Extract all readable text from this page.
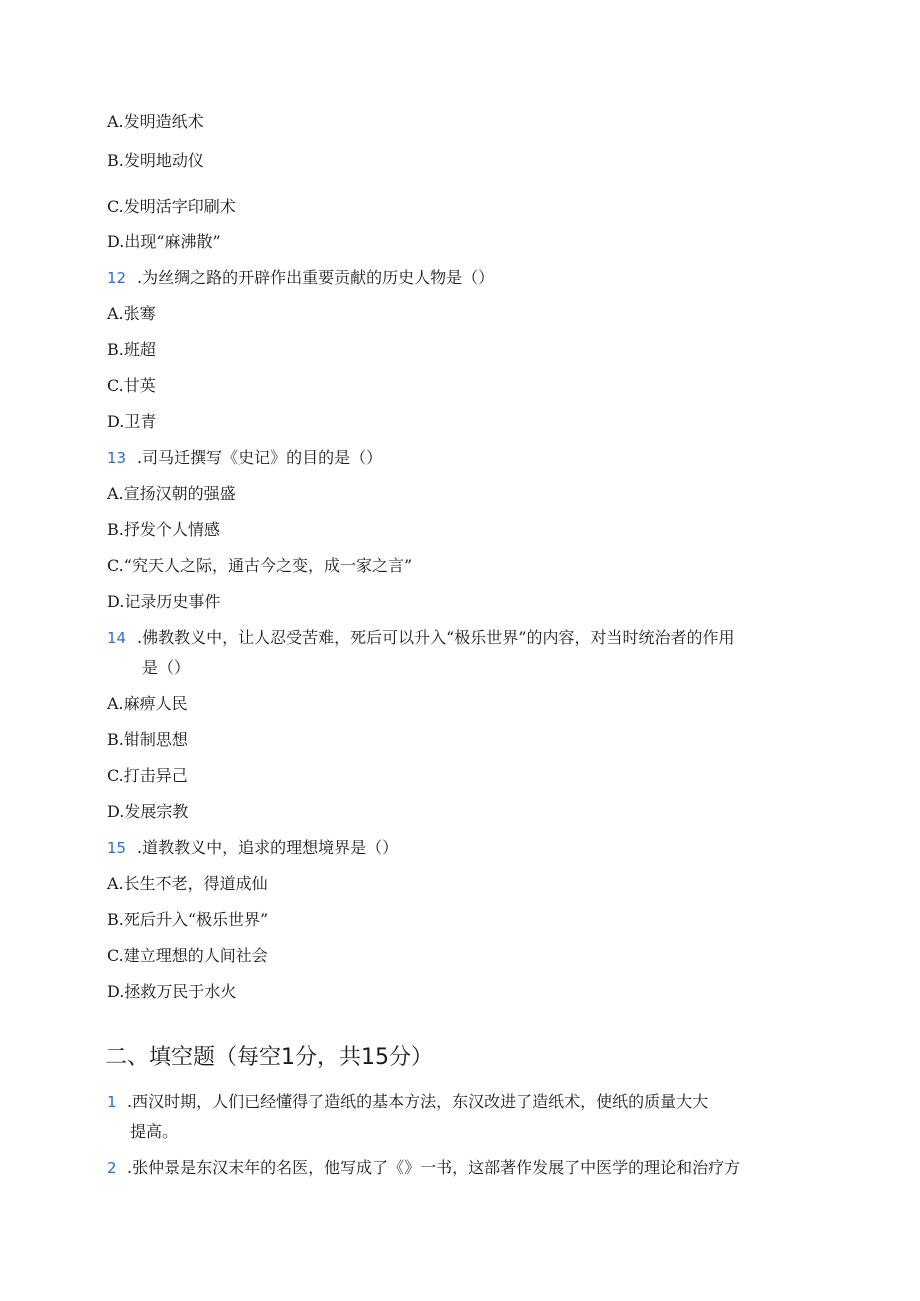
A.发明造纸术
B.发明地动仪
C.发明活字印刷术
D.出现“麻沸散”
12 .为丝绸之路的开辟作出重要贡献的历史人物是（）
A.张骞
B.班超
C.甘英
D.卫青
13 .司马迁撰写《史记》的目的是（）
A.宣扬汉朝的强盛
B.抒发个人情感
C.“究天人之际，通古今之变，成一家之言”
D.记录历史事件
14 .佛教教义中，让人忍受苦难，死后可以升入“极乐世界”的内容，对当时统治者的作用
是（）
A.麻痹人民
B.钳制思想
C.打击异己
D.发展宗教
15 .道教教义中，追求的理想境界是（）
A.长生不老，得道成仙
B.死后升入“极乐世界”
C.建立理想的人间社会
D.拯救万民于水火
二、填空题（每空1分，共15分）
1 .西汉时期，人们已经懂得了造纸的基本方法，东汉改进了造纸术，使纸的质量大大
提高。
2 .张仲景是东汉末年的名医，他写成了《》一书，这部著作发展了中医学的理论和治疗方
